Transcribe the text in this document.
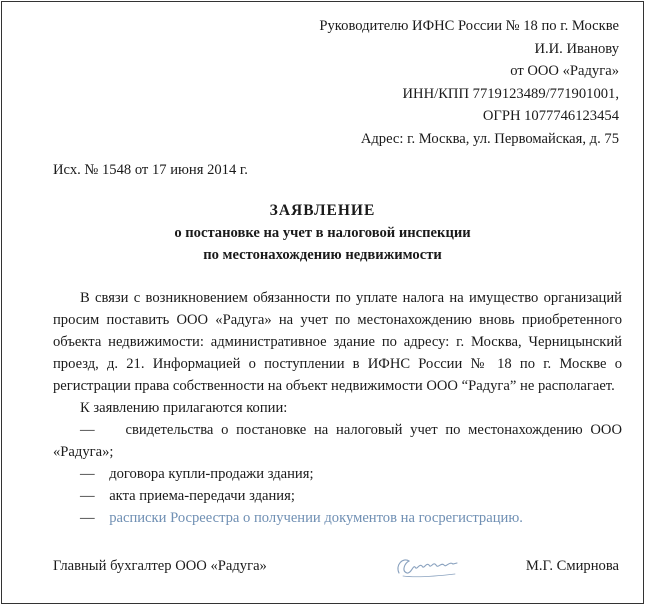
Руководителю ИФНС России № 18 по г. Москве
И.И. Иванову
от ООО «Радуга»
ИНН/КПП 7719123489/771901001,
ОГРН 1077746123454
Адрес: г. Москва, ул. Первомайская, д. 75
Исх. № 1548 от 17 июня 2014 г.
ЗАЯВЛЕНИЕ
о постановке на учет в налоговой инспекции
по местонахождению недвижимости

В связи с возникновением обязанности по уплате налога на имущество организаций просим поставить ООО «Радуга» на учет по местонахождению вновь приобретенного объекта недвижимости: административное здание по адресу: г. Москва, Черницынский проезд, д. 21. Информацией о поступлении в ИФНС России № 18 по г. Москве о регистрации права собственности на объект недвижимости ООО “Радуга” не располагает.

К заявлению прилагаются копии:

— свидетельства о постановке на налоговый учет по местонахождению ООО «Радуга»;

— договора купли-продажи здания;

— акта приема-передачи здания;

— расписки Росреестра о получении документов на госрегистрацию.

Главный бухгалтер ООО «Радуга»	М.Г. Смирнова
